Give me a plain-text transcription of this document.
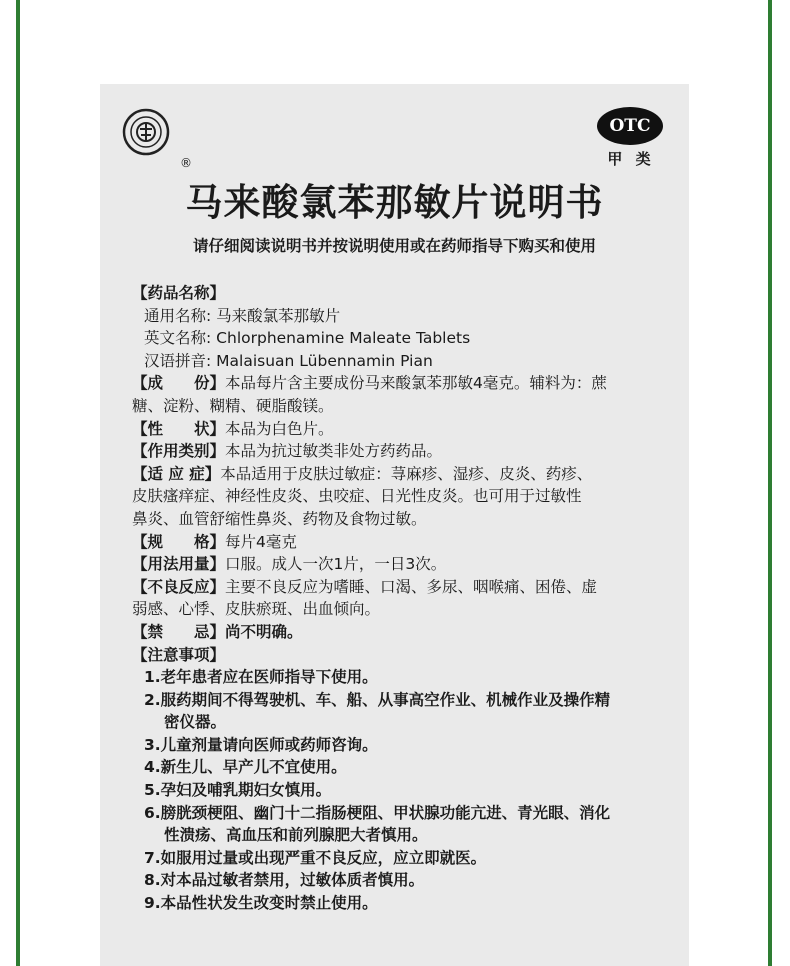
®
OTC
甲 类
马来酸氯苯那敏片说明书
请仔细阅读说明书并按说明使用或在药师指导下购买和使用
【药品名称】
通用名称: 马来酸氯苯那敏片
英文名称: Chlorphenamine Maleate Tablets
汉语拼音: Malaisuan Lübennamin Pian
【成　　份】本品每片含主要成份马来酸氯苯那敏4毫克。辅料为：蔗
糖、淀粉、糊精、硬脂酸镁。
【性　　状】本品为白色片。
【作用类别】本品为抗过敏类非处方药药品。
【适 应 症】本品适用于皮肤过敏症：荨麻疹、湿疹、皮炎、药疹、
皮肤瘙痒症、神经性皮炎、虫咬症、日光性皮炎。也可用于过敏性
鼻炎、血管舒缩性鼻炎、药物及食物过敏。
【规　　格】每片4毫克
【用法用量】口服。成人一次1片，一日3次。
【不良反应】主要不良反应为嗜睡、口渴、多尿、咽喉痛、困倦、虚
弱感、心悸、皮肤瘀斑、出血倾向。
【禁　　忌】尚不明确。
【注意事项】
1.老年患者应在医师指导下使用。
2.服药期间不得驾驶机、车、船、从事高空作业、机械作业及操作精
密仪器。
3.儿童剂量请向医师或药师咨询。
4.新生儿、早产儿不宜使用。
5.孕妇及哺乳期妇女慎用。
6.膀胱颈梗阻、幽门十二指肠梗阻、甲状腺功能亢进、青光眼、消化
性溃疡、高血压和前列腺肥大者慎用。
7.如服用过量或出现严重不良反应，应立即就医。
8.对本品过敏者禁用，过敏体质者慎用。
9.本品性状发生改变时禁止使用。
